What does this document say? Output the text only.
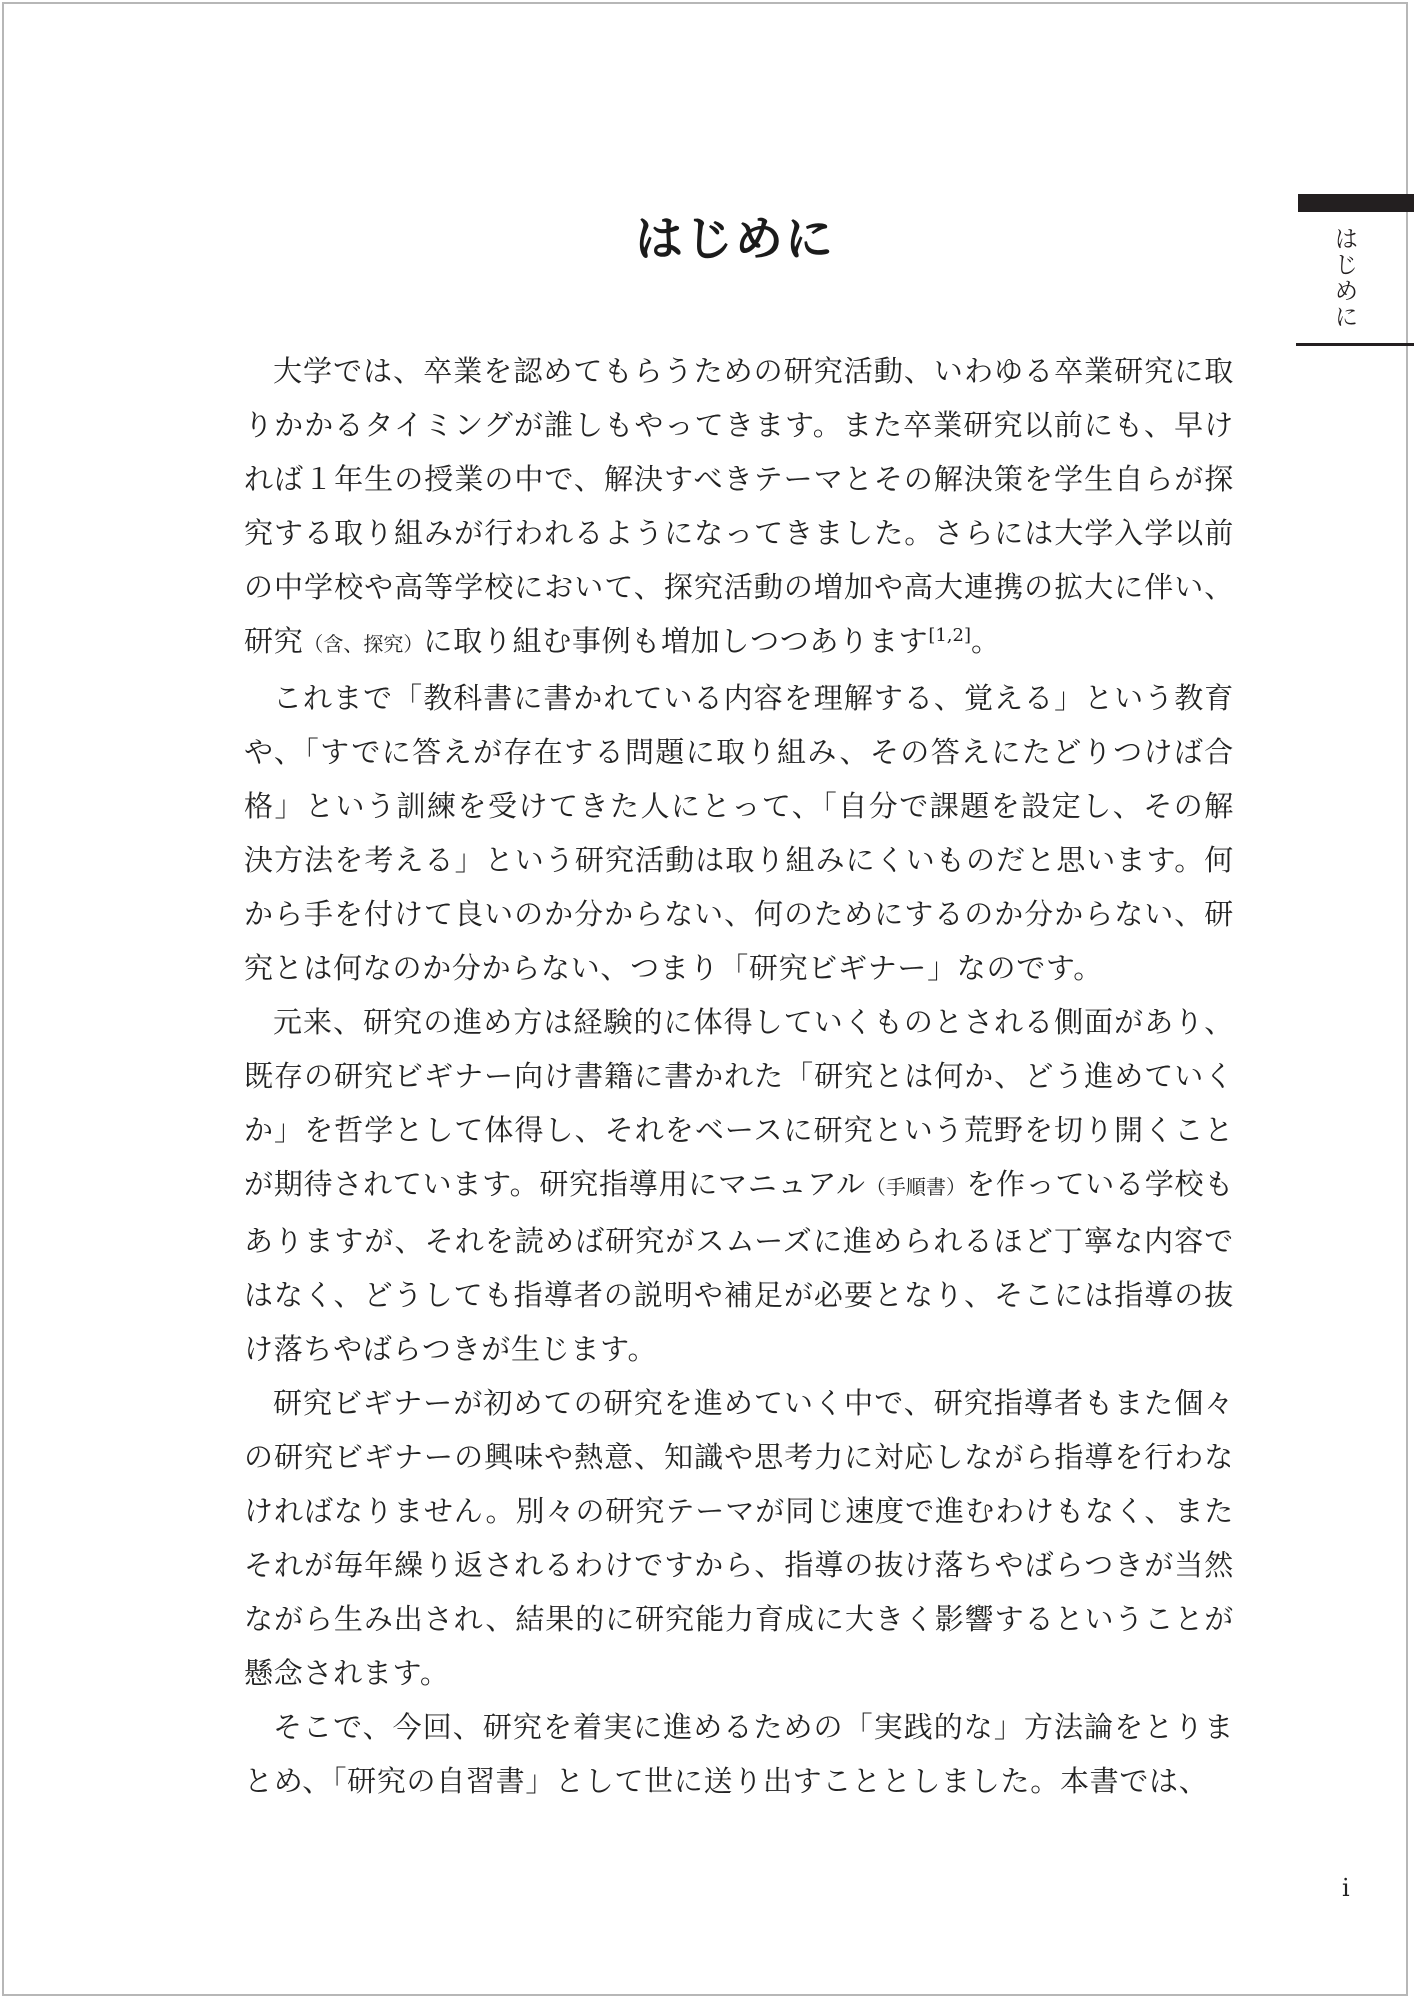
はじめに	はじめに

大学では、卒業を認めてもらうための研究活動、いわゆる卒業研究に取りかかるタイミングが誰しもやってきます。また卒業研究以前にも、早ければ１年生の授業の中で、解決すべきテーマとその解決策を学生自らが探究する取り組みが行われるようになってきました。さらには大学入学以前の中学校や高等学校において、探究活動の増加や高大連携の拡大に伴い、研究（含、探究）に取り組む事例も増加しつつあります[1,2]。

これまで「教科書に書かれている内容を理解する、覚える」という教育や、「すでに答えが存在する問題に取り組み、その答えにたどりつけば合格」という訓練を受けてきた人にとって、「自分で課題を設定し、その解決方法を考える」という研究活動は取り組みにくいものだと思います。何から手を付けて良いのか分からない、何のためにするのか分からない、研究とは何なのか分からない、つまり「研究ビギナー」なのです。

元来、研究の進め方は経験的に体得していくものとされる側面があり、既存の研究ビギナー向け書籍に書かれた「研究とは何か、どう進めていくか」を哲学として体得し、それをベースに研究という荒野を切り開くことが期待されています。研究指導用にマニュアル（手順書）を作っている学校もありますが、それを読めば研究がスムーズに進められるほど丁寧な内容ではなく、どうしても指導者の説明や補足が必要となり、そこには指導の抜け落ちやばらつきが生じます。

研究ビギナーが初めての研究を進めていく中で、研究指導者もまた個々の研究ビギナーの興味や熱意、知識や思考力に対応しながら指導を行わなければなりません。別々の研究テーマが同じ速度で進むわけもなく、またそれが毎年繰り返されるわけですから、指導の抜け落ちやばらつきが当然ながら生み出され、結果的に研究能力育成に大きく影響するということが懸念されます。

そこで、今回、研究を着実に進めるための「実践的な」方法論をとりまとめ、「研究の自習書」として世に送り出すこととしました。本書では、

i
